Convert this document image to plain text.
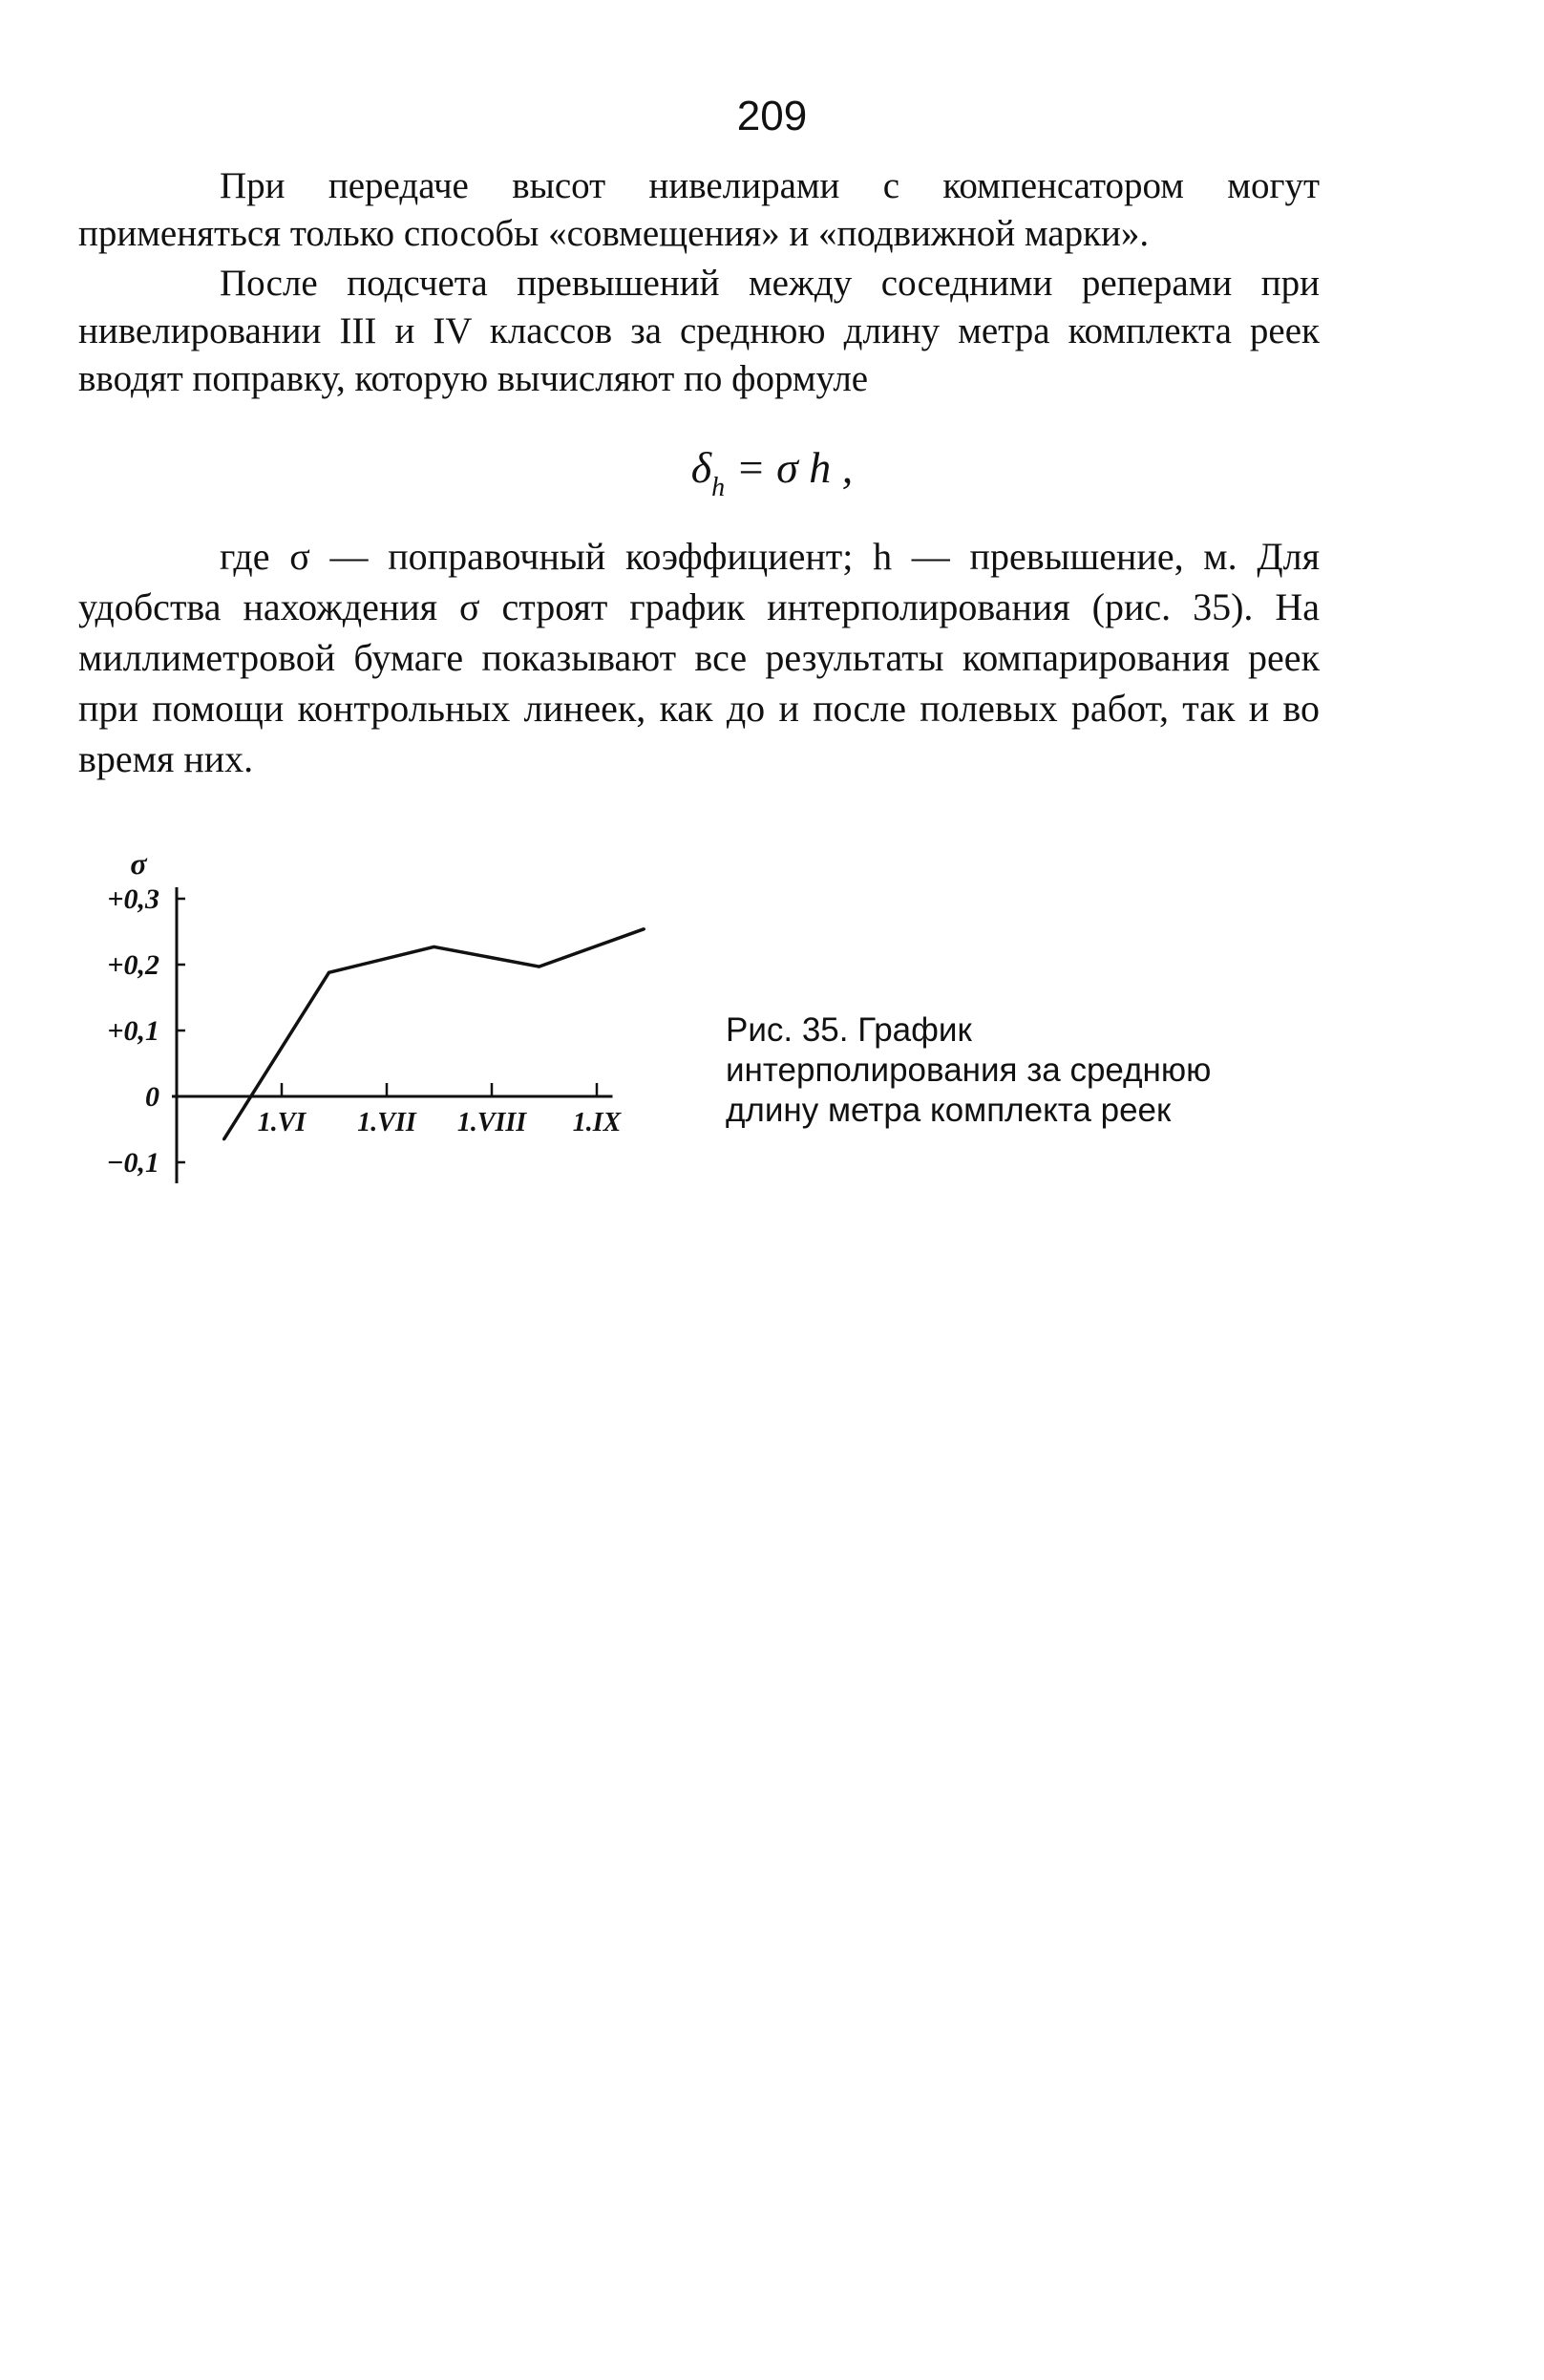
209

При передаче высот нивелирами с компенсатором могут применяться только способы «совмещения» и «подвижной марки».

После подсчета превышений между соседними реперами при нивелировании III и IV классов за среднюю длину метра комплекта реек вводят поправку, которую вычисляют по формуле

$\delta_h = \sigma$ h ,

где σ — поправочный коэффициент; h — превышение, м. Для удобства нахождения σ строят график интерполирования (рис. 35). На миллиметровой бумаге показывают все результаты компарирования реек при помощи контрольных линеек, как до и после полевых работ, так и во время них.

+0,3
+0,2
+0,1
0
−0,1
σ
1.VI 1.VII 1.VIII 1.IX

Рис. 35. График интерполирования за среднюю длину метра комплекта реек
